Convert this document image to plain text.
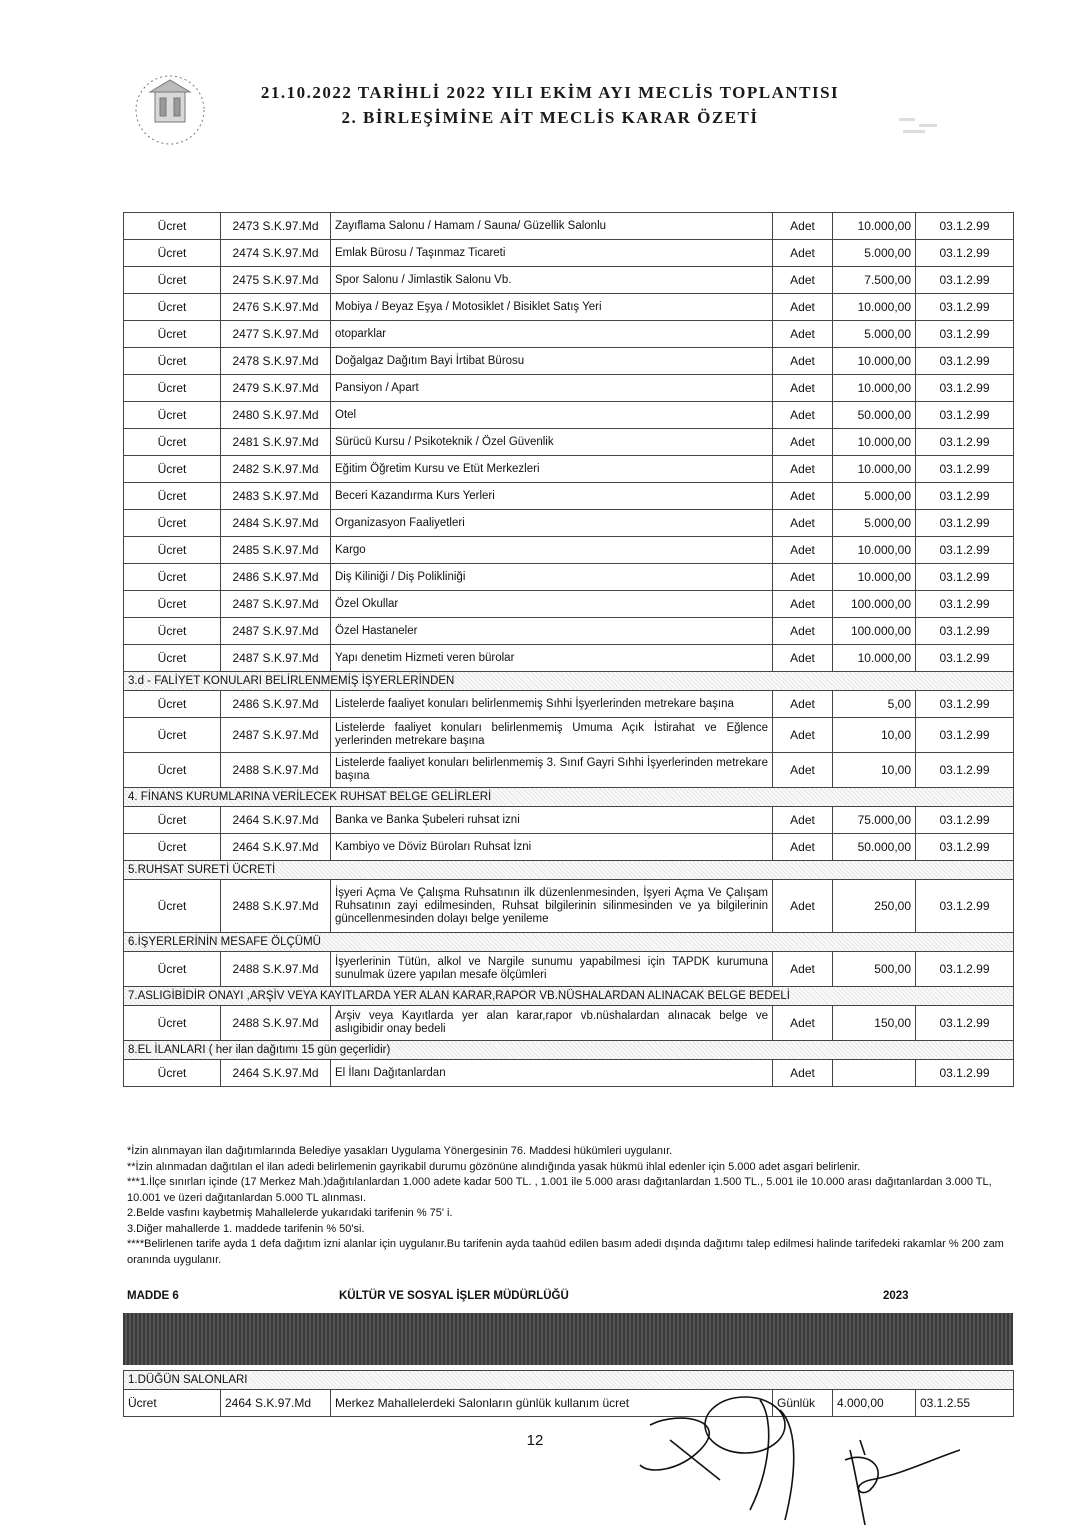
21.10.2022 TARİHLİ 2022 YILI EKİM AYI MECLİS TOPLANTISI
2. BİRLEŞİMİNE AİT MECLİS KARAR ÖZETİ
Ücret	2473 S.K.97.Md	Zayıflama Salonu / Hamam / Sauna/ Güzellik Salonlu	Adet	10.000,00	03.1.2.99
Ücret	2474 S.K.97.Md	Emlak Bürosu / Taşınmaz Ticareti	Adet	5.000,00	03.1.2.99
Ücret	2475 S.K.97.Md	Spor Salonu / Jimlastik Salonu Vb.	Adet	7.500,00	03.1.2.99
Ücret	2476 S.K.97.Md	Mobiya / Beyaz Eşya / Motosiklet / Bisiklet Satış Yeri	Adet	10.000,00	03.1.2.99
Ücret	2477 S.K.97.Md	otoparklar	Adet	5.000,00	03.1.2.99
Ücret	2478 S.K.97.Md	Doğalgaz Dağıtım Bayi İrtibat Bürosu	Adet	10.000,00	03.1.2.99
Ücret	2479 S.K.97.Md	Pansiyon / Apart	Adet	10.000,00	03.1.2.99
Ücret	2480 S.K.97.Md	Otel	Adet	50.000,00	03.1.2.99
Ücret	2481 S.K.97.Md	Sürücü Kursu / Psikoteknik / Özel Güvenlik	Adet	10.000,00	03.1.2.99
Ücret	2482 S.K.97.Md	Eğitim Öğretim Kursu ve Etüt Merkezleri	Adet	10.000,00	03.1.2.99
Ücret	2483 S.K.97.Md	Beceri Kazandırma Kurs Yerleri	Adet	5.000,00	03.1.2.99
Ücret	2484 S.K.97.Md	Organizasyon Faaliyetleri	Adet	5.000,00	03.1.2.99
Ücret	2485 S.K.97.Md	Kargo	Adet	10.000,00	03.1.2.99
Ücret	2486 S.K.97.Md	Diş Kiliniği / Diş Polikliniği	Adet	10.000,00	03.1.2.99
Ücret	2487 S.K.97.Md	Özel Okullar	Adet	100.000,00	03.1.2.99
Ücret	2487 S.K.97.Md	Özel Hastaneler	Adet	100.000,00	03.1.2.99
Ücret	2487 S.K.97.Md	Yapı denetim Hizmeti veren bürolar	Adet	10.000,00	03.1.2.99
3.d - FALİYET KONULARI BELİRLENMEMİŞ İŞYERLERİNDEN					
Ücret	2486 S.K.97.Md	Listelerde faaliyet konuları belirlenmemiş Sıhhi İşyerlerinden metrekare başına	Adet	5,00	03.1.2.99
Ücret	2487 S.K.97.Md	Listelerde faaliyet konuları belirlenmemiş Umuma Açık İstirahat ve Eğlence yerlerinden metrekare başına	Adet	10,00	03.1.2.99
Ücret	2488 S.K.97.Md	Listelerde faaliyet konuları belirlenmemiş 3. Sınıf Gayri Sıhhi İşyerlerinden metrekare başına	Adet	10,00	03.1.2.99
4. FİNANS KURUMLARINA VERİLECEK RUHSAT BELGE GELİRLERİ					
Ücret	2464 S.K.97.Md	Banka ve Banka Şubeleri ruhsat izni	Adet	75.000,00	03.1.2.99
Ücret	2464 S.K.97.Md	Kambiyo ve Döviz Büroları Ruhsat İzni	Adet	50.000,00	03.1.2.99
5.RUHSAT SURETİ ÜCRETİ					
Ücret	2488 S.K.97.Md	İşyeri Açma Ve Çalışma Ruhsatının ilk düzenlenmesinden, İşyeri Açma Ve Çalışam Ruhsatının zayi edilmesinden, Ruhsat bilgilerinin silinmesinden ve ya bilgilerinin güncellenmesinden dolayı belge yenileme	Adet	250,00	03.1.2.99
6.İŞYERLERİNİN MESAFE ÖLÇÜMÜ					
Ücret	2488 S.K.97.Md	İşyerlerinin Tütün, alkol ve Nargile sunumu yapabilmesi için TAPDK kurumuna sunulmak üzere yapılan mesafe ölçümleri	Adet	500,00	03.1.2.99
7.ASLIGİBİDİR ONAYI ,ARŞİV VEYA KAYITLARDA YER ALAN KARAR,RAPOR VB.NÜSHALARDAN ALINACAK BELGE BEDELİ					
Ücret	2488 S.K.97.Md	Arşiv veya Kayıtlarda yer alan karar,rapor vb.nüshalardan alınacak belge ve aslıgibidir onay bedeli	Adet	150,00	03.1.2.99
8.EL İLANLARI ( her ilan dağıtımı 15 gün geçerlidir)					
Ücret	2464 S.K.97.Md	El İlanı Dağıtanlardan	Adet		03.1.2.99
*İzin alınmayan ilan dağıtımlarında Belediye yasakları Uygulama Yönergesinin 76. Maddesi hükümleri uygulanır.
**İzin alınmadan dağıtılan el ilan adedi belirlemenin gayrikabil durumu gözönüne alındığında yasak hükmü ihlal edenler için 5.000 adet asgari belirlenir.
***1.İlçe sınırları içinde (17 Merkez Mah.)dağıtılanlardan 1.000 adete kadar 500 TL. , 1.001 ile 5.000 arası dağıtanlardan 1.500 TL., 5.001 ile 10.000 arası dağıtanlardan 3.000 TL, 10.001 ve üzeri dağıtanlardan 5.000 TL alınması.
2.Belde vasfını kaybetmiş Mahallelerde yukarıdaki tarifenin % 75' i.
3.Diğer mahallerde 1. maddede tarifenin % 50'si.
****Belirlenen tarife ayda 1 defa dağıtım izni alanlar için uygulanır.Bu tarifenin ayda taahüd edilen basım adedi dışında dağıtımı talep edilmesi halinde tarifedeki rakamlar % 200 zam oranında uygulanır.
MADDE 6	KÜLTÜR VE SOSYAL İŞLER MÜDÜRLÜĞÜ	2023
1.DÜĞÜN SALONLARI
Ücret	2464 S.K.97.Md	Merkez Mahallelerdeki Salonların günlük kullanım ücret	Günlük	4.000,00	03.1.2.55
12
